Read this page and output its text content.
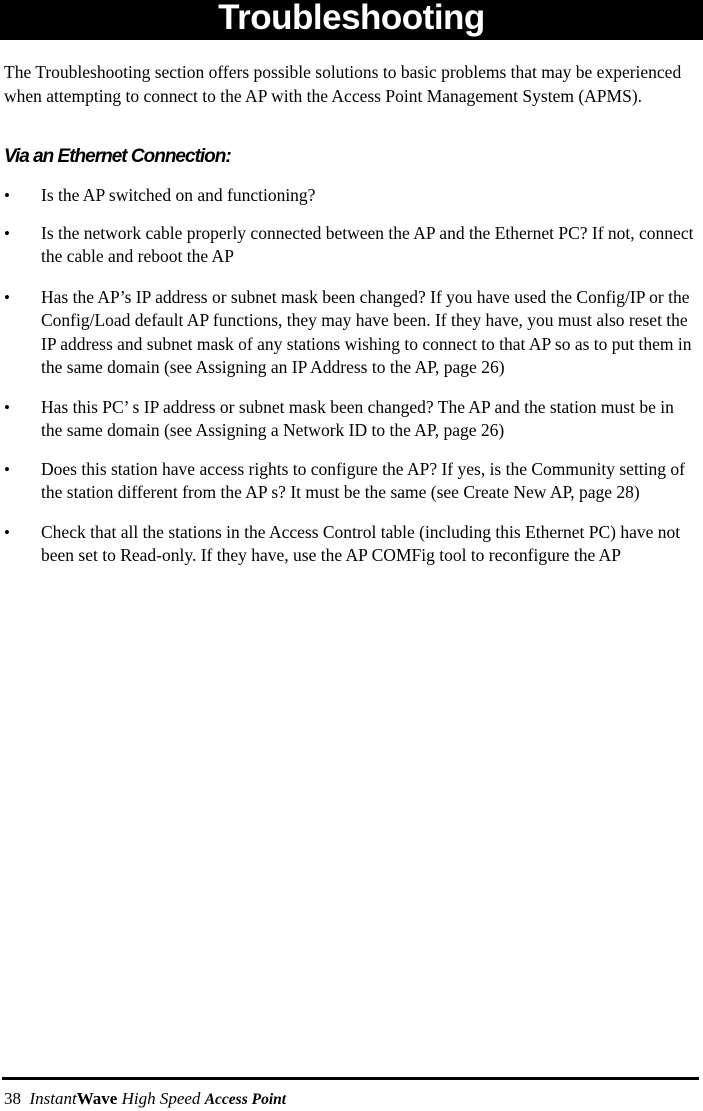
Troubleshooting

The Troubleshooting section offers possible solutions to basic problems that may be experienced when attempting to connect to the AP with the Access Point Management System (APMS).

Via an Ethernet Connection:
• Is the AP switched on and functioning?
• Is the network cable properly connected between the AP and the Ethernet PC? If not, connect the cable and reboot the AP
• Has the AP’s IP address or subnet mask been changed? If you have used the Config/IP or the Config/Load default AP functions, they may have been. If they have, you must also reset the IP address and subnet mask of any stations wishing to connect to that AP so as to put them in the same domain (see Assigning an IP Address to the AP, page 26)
• Has this PC’ s IP address or subnet mask been changed? The AP and the station must be in the same domain (see Assigning a Network ID to the AP, page 26)
• Does this station have access rights to configure the AP? If yes, is the Community setting of the station different from the AP s? It must be the same (see Create New AP, page 28)
• Check that all the stations in the Access Control table (including this Ethernet PC) have not been set to Read-only. If they have, use the AP COMFig tool to reconfigure the AP
38 InstantWave High Speed Access Point
